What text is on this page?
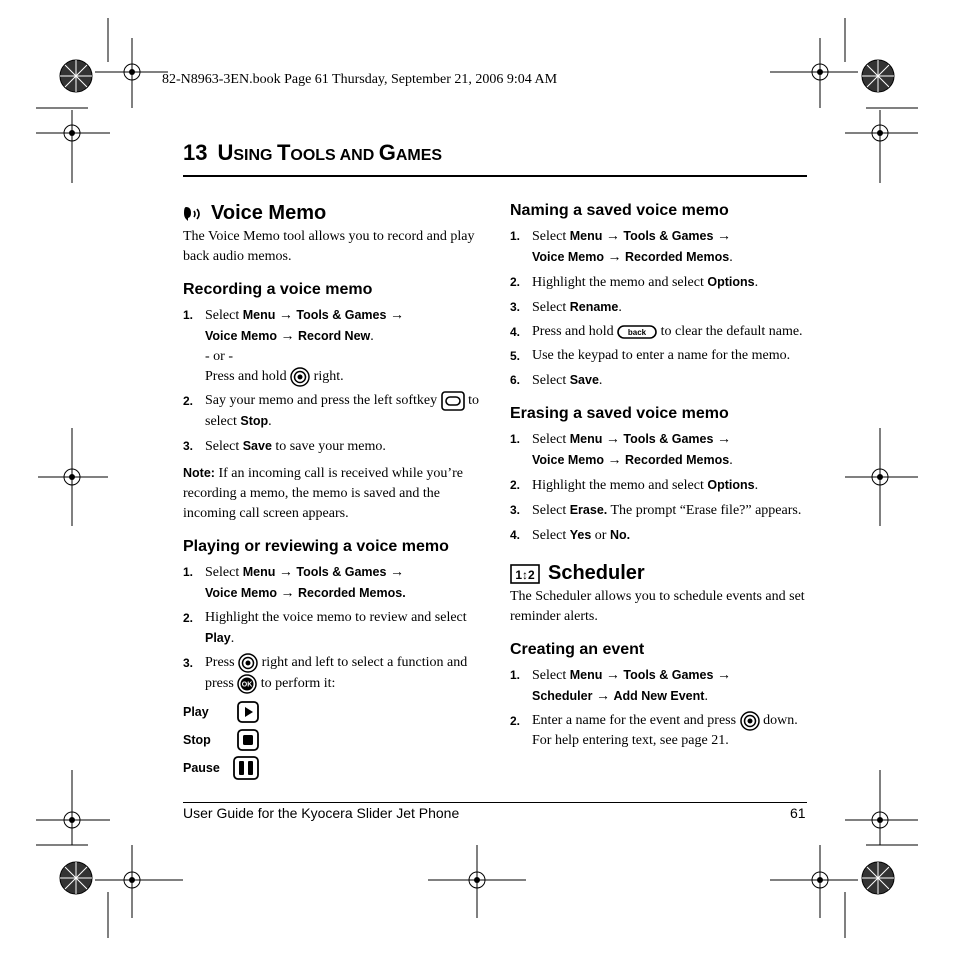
82-N8963-3EN.book Page 61 Thursday, September 21, 2006 9:04 AM
13 USING TOOLS AND GAMES
Voice Memo
The Voice Memo tool allows you to record and play back audio memos.
Recording a voice memo
1. Select Menu → Tools & Games →
Voice Memo → Record New.
- or -
Press and hold  right.
2. Say your memo and press the left softkey  to select Stop.
3. Select Save to save your memo.
Note: If an incoming call is received while you’re recording a memo, the memo is saved and the incoming call screen appears.
Playing or reviewing a voice memo
1. Select Menu → Tools & Games →
Voice Memo → Recorded Memos.
2. Highlight the voice memo to review and select Play.
3. Press  right and left to select a function and press OK to perform it:
Play
Stop
Pause
Naming a saved voice memo
1. Select Menu → Tools & Games →
Voice Memo → Recorded Memos.
2. Highlight the memo and select Options.
3. Select Rename.
4. Press and hold back to clear the default name.
5. Use the keypad to enter a name for the memo.
6. Select Save.
Erasing a saved voice memo
1. Select Menu → Tools & Games →
Voice Memo → Recorded Memos.
2. Highlight the memo and select Options.
3. Select Erase. The prompt “Erase file?” appears.
4. Select Yes or No.
1↕2 Scheduler
The Scheduler allows you to schedule events and set reminder alerts.
Creating an event
1. Select Menu → Tools & Games →
Scheduler → Add New Event.
2. Enter a name for the event and press  down. For help entering text, see page 21.
User Guide for the Kyocera Slider Jet Phone	61
